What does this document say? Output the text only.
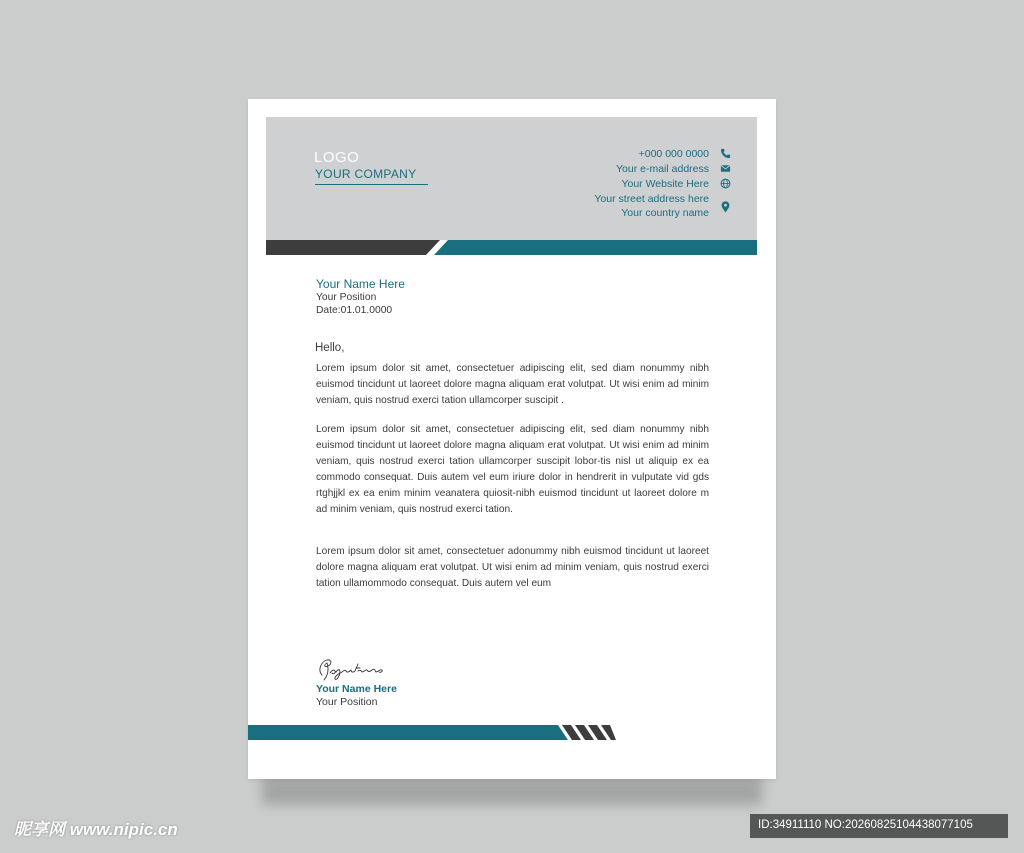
LOGO
YOUR COMPANY
+000 000 0000
Your e-mail address
Your Website Here
Your street address here
Your country name
Your Name Here
Your Position
Date:01.01.0000
Hello,
Lorem ipsum dolor sit amet, consectetuer adipiscing elit, sed diam nonummy nibh euismod tincidunt ut laoreet dolore magna aliquam erat volutpat. Ut wisi enim ad minim veniam, quis nostrud exerci tation ullamcorper suscipit .
Lorem ipsum dolor sit amet, consectetuer adipiscing elit, sed diam nonummy nibh euismod tincidunt ut laoreet dolore magna aliquam erat volutpat. Ut wisi enim ad minim veniam, quis nostrud exerci tation ullamcorper suscipit lobor-tis nisl ut aliquip ex ea commodo consequat. Duis autem vel eum iriure dolor in hendrerit in vulputate vid gds rtghjjkl ex ea enim minim veanatera quiosit-nibh euismod tincidunt ut laoreet dolore m ad minim veniam, quis nostrud exerci tation.
Lorem ipsum dolor sit amet, consectetuer adonummy nibh euismod tincidunt ut laoreet dolore magna aliquam erat volutpat. Ut wisi enim ad minim veniam, quis nostrud exerci tation ullamommodo consequat. Duis autem vel eum
Your Name Here
Your Position
昵享网 www.nipic.cn	ID:34911110 NO:20260825104438077105
